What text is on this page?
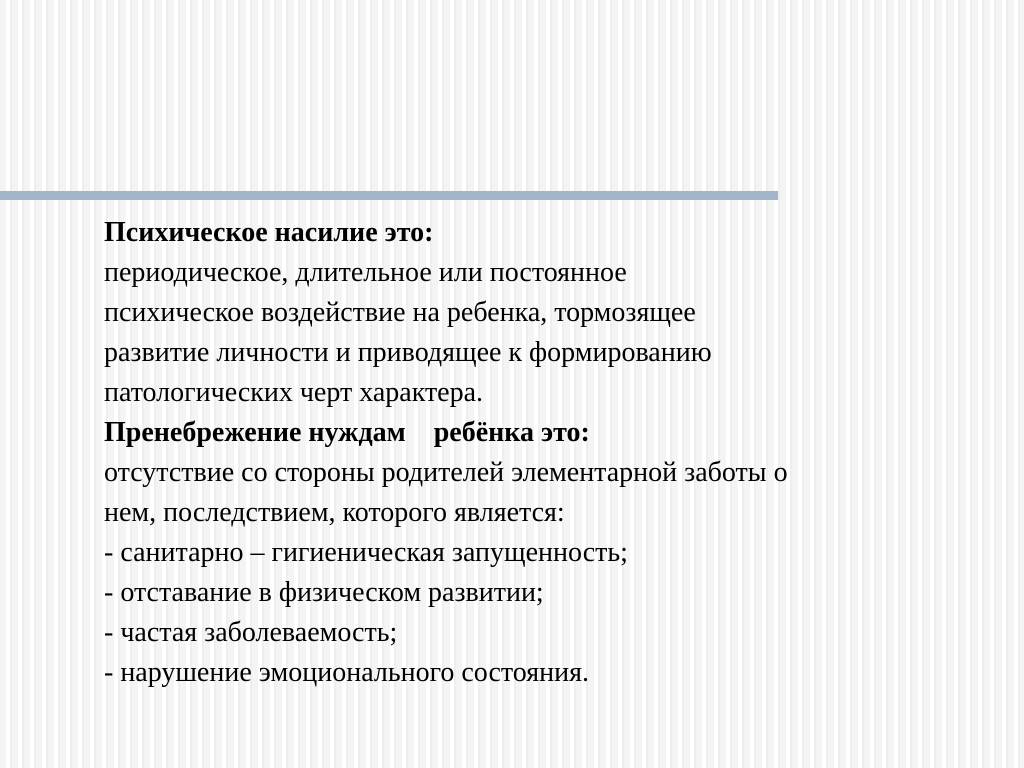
Психическое насилие это:
периодическое, длительное или постоянное
психическое воздействие на ребенка, тормозящее
развитие личности и приводящее к формированию
патологических черт характера.
Пренебрежение нуждам    ребёнка это:
отсутствие со стороны родителей элементарной заботы о
нем, последствием, которого является:
- санитарно – гигиеническая запущенность;
- отставание в физическом развитии;
- частая заболеваемость;
- нарушение эмоционального состояния.
